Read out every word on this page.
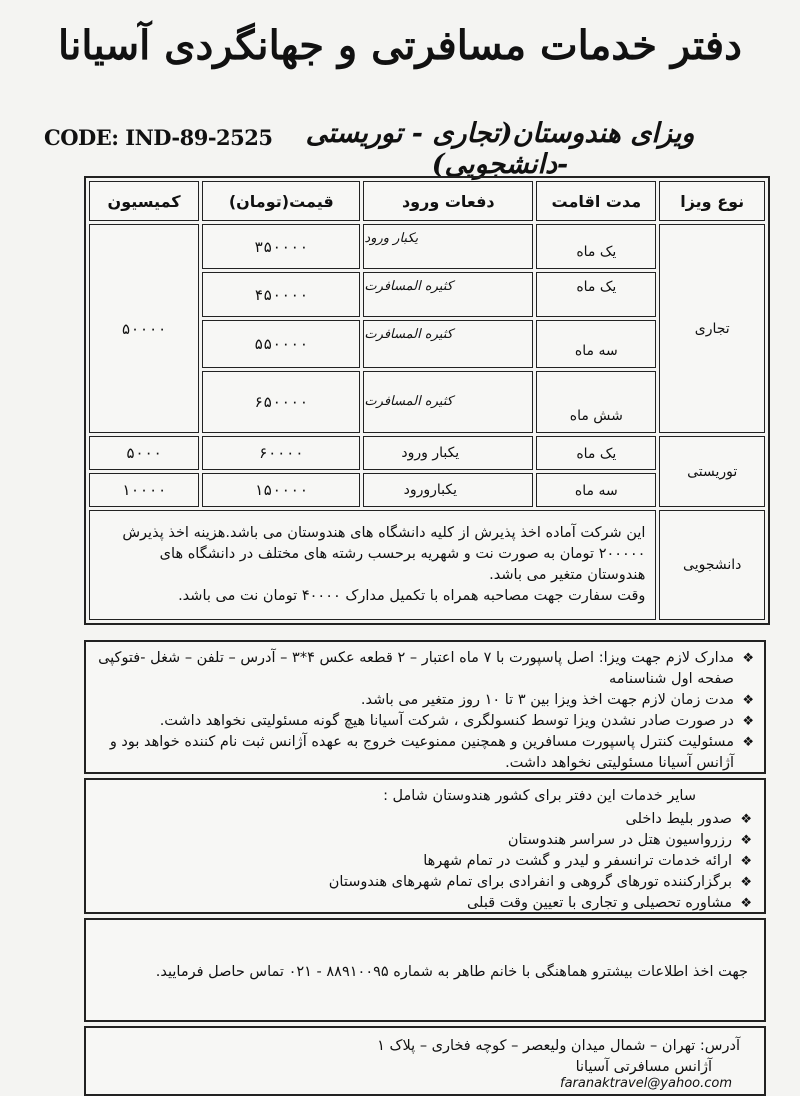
دفتر خدمات مسافرتی و جهانگردی آسیانا
CODE: IND-89-2525	ویزای هندوستان(تجاری - توریستی -دانشجویی)
نوع ویزا	مدت اقامت	دفعات ورود	قیمت(تومان)	کمیسیون
تجاری	یک ماه	یکبار ورود	۳۵۰۰۰۰	۵۰۰۰۰
	یک ماه	کثیره المسافرت	۴۵۰۰۰۰	
	سه ماه	کثیره المسافرت	۵۵۰۰۰۰	
	شش ماه	کثیره المسافرت	۶۵۰۰۰۰	
توریستی	یک ماه	یکبار ورود	۶۰۰۰۰	۵۰۰۰
	سه ماه	یکبارورود	۱۵۰۰۰۰	۱۰۰۰۰
دانشجویی	این شرکت آماده اخذ پذیرش از کلیه دانشگاه های هندوستان می باشد.هزینه اخذ پذیرش
۲۰۰۰۰۰ تومان به صورت نت و شهریه برحسب رشته های مختلف در دانشگاه های
هندوستان متغیر می باشد.
وقت سفارت جهت مصاحبه همراه با تکمیل مدارک ۴۰۰۰۰ تومان نت می باشد.			
❖
مدارک لازم جهت ویزا: اصل پاسپورت با ۷ ماه اعتبار – ۲ قطعه عکس ۴*۳ – آدرس – تلفن – شغل -فتوکپی صفحه اول شناسنامه
❖
مدت زمان لازم جهت اخذ ویزا بین ۳ تا ۱۰ روز متغیر می باشد.
❖
در صورت صادر نشدن ویزا توسط کنسولگری ، شرکت آسیانا هیچ گونه مسئولیتی نخواهد داشت.
❖
مسئولیت کنترل پاسپورت مسافرین و همچنین ممنوعیت خروج به عهده آژانس ثبت نام کننده خواهد بود و آژانس آسیانا مسئولیتی نخواهد داشت.
سایر خدمات این دفتر برای کشور هندوستان شامل :
❖
صدور بلیط داخلی
❖
رزرواسیون هتل در سراسر هندوستان
❖
ارائه خدمات ترانسفر و لیدر و گشت در تمام شهرها
❖
برگزارکننده تورهای گروهی و انفرادی برای تمام شهرهای هندوستان
❖
مشاوره تحصیلی و تجاری با تعیین وقت قبلی
جهت اخذ اطلاعات بیشترو هماهنگی با خانم طاهر به شماره ۸۸۹۱۰۰۹۵ - ۰۲۱ تماس حاصل فرمایید.
آدرس: تهران – شمال میدان ولیعصر – کوچه فخاری – پلاک ۱
آژانس مسافرتی آسیانا
faranaktravel@yahoo.com
